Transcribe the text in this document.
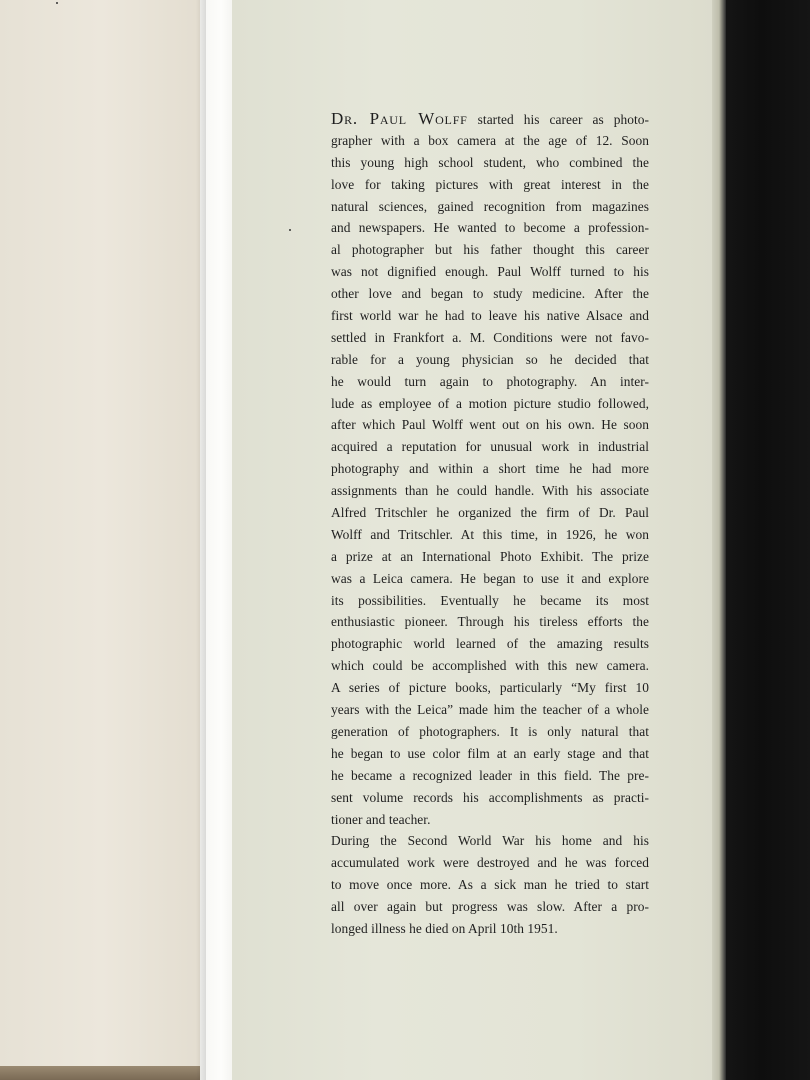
Dr. Paul Wolff started his career as photo-
grapher with a box camera at the age of 12. Soon
this young high school student, who combined the
love for taking pictures with great interest in the
natural sciences, gained recognition from magazines
and newspapers. He wanted to become a profession-
al photographer but his father thought this career
was not dignified enough. Paul Wolff turned to his
other love and began to study medicine. After the
first world war he had to leave his native Alsace and
settled in Frankfort a. M. Conditions were not favo-
rable for a young physician so he decided that
he would turn again to photography. An inter-
lude as employee of a motion picture studio followed,
after which Paul Wolff went out on his own. He soon
acquired a reputation for unusual work in industrial
photography and within a short time he had more
assignments than he could handle. With his associate
Alfred Tritschler he organized the firm of Dr. Paul
Wolff and Tritschler. At this time, in 1926, he won
a prize at an International Photo Exhibit. The prize
was a Leica camera. He began to use it and explore
its possibilities. Eventually he became its most
enthusiastic pioneer. Through his tireless efforts the
photographic world learned of the amazing results
which could be accomplished with this new camera.
A series of picture books, particularly “My first 10
years with the Leica” made him the teacher of a whole
generation of photographers. It is only natural that
he began to use color film at an early stage and that
he became a recognized leader in this field. The pre-
sent volume records his accomplishments as practi-
tioner and teacher.
During the Second World War his home and his
accumulated work were destroyed and he was forced
to move once more. As a sick man he tried to start
all over again but progress was slow. After a pro-
longed illness he died on April 10th 1951.
